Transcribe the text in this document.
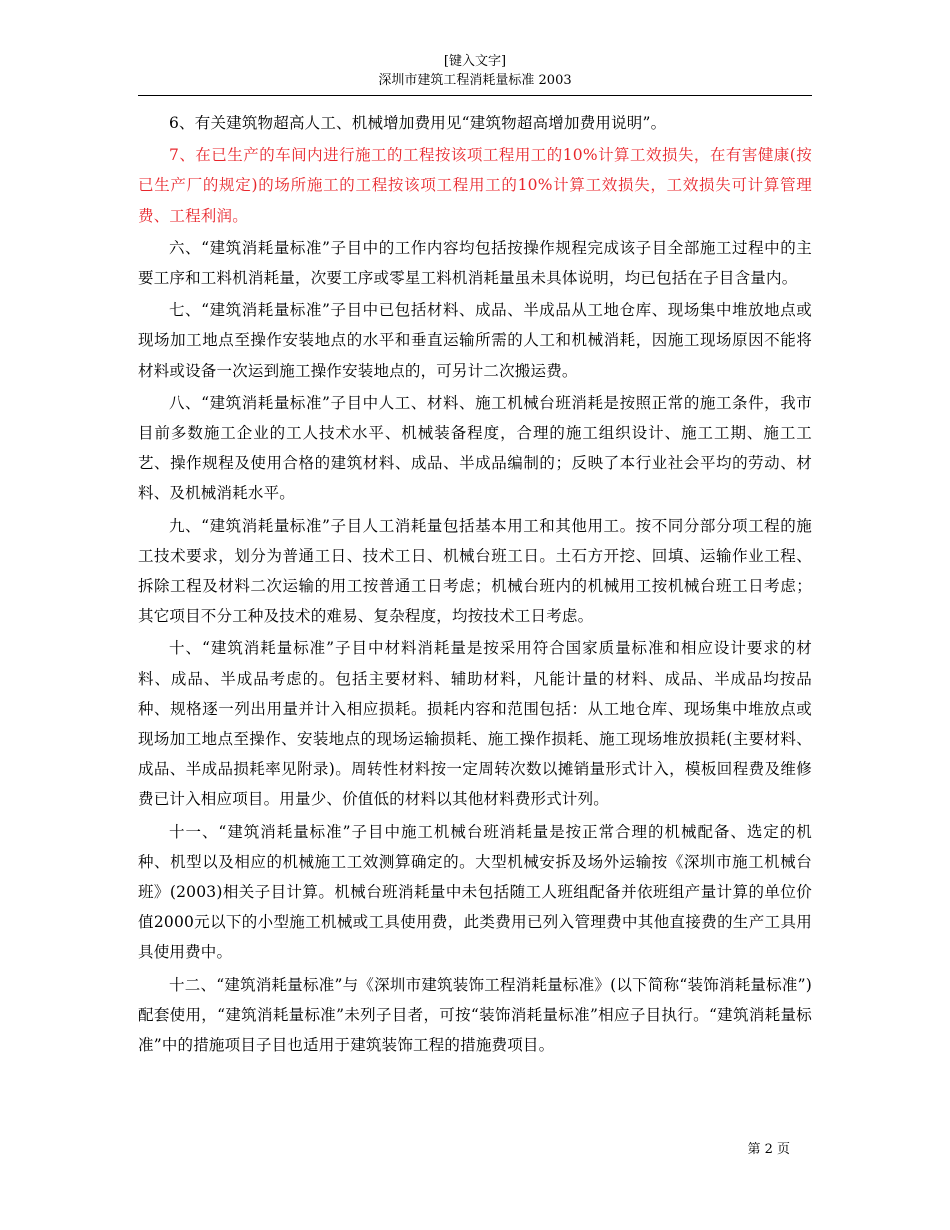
[键入文字]
深圳市建筑工程消耗量标准 2003

6、有关建筑物超高人工、机械增加费用见“建筑物超高增加费用说明”。

7、在已生产的车间内进行施工的工程按该项工程用工的10%计算工效损失，在有害健康(按已生产厂的规定)的场所施工的工程按该项工程用工的10%计算工效损失，工效损失可计算管理费、工程利润。

六、“建筑消耗量标准”子目中的工作内容均包括按操作规程完成该子目全部施工过程中的主要工序和工料机消耗量，次要工序或零星工料机消耗量虽未具体说明，均已包括在子目含量内。

七、“建筑消耗量标准”子目中已包括材料、成品、半成品从工地仓库、现场集中堆放地点或现场加工地点至操作安装地点的水平和垂直运输所需的人工和机械消耗，因施工现场原因不能将材料或设备一次运到施工操作安装地点的，可另计二次搬运费。

八、“建筑消耗量标准”子目中人工、材料、施工机械台班消耗是按照正常的施工条件，我市目前多数施工企业的工人技术水平、机械装备程度，合理的施工组织设计、施工工期、施工工艺、操作规程及使用合格的建筑材料、成品、半成品编制的；反映了本行业社会平均的劳动、材料、及机械消耗水平。

九、“建筑消耗量标准”子目人工消耗量包括基本用工和其他用工。按不同分部分项工程的施工技术要求，划分为普通工日、技术工日、机械台班工日。土石方开挖、回填、运输作业工程、拆除工程及材料二次运输的用工按普通工日考虑；机械台班内的机械用工按机械台班工日考虑；其它项目不分工种及技术的难易、复杂程度，均按技术工日考虑。

十、“建筑消耗量标准”子目中材料消耗量是按采用符合国家质量标准和相应设计要求的材料、成品、半成品考虑的。包括主要材料、辅助材料，凡能计量的材料、成品、半成品均按品种、规格逐一列出用量并计入相应损耗。损耗内容和范围包括：从工地仓库、现场集中堆放点或现场加工地点至操作、安装地点的现场运输损耗、施工操作损耗、施工现场堆放损耗(主要材料、成品、半成品损耗率见附录)。周转性材料按一定周转次数以摊销量形式计入，模板回程费及维修费已计入相应项目。用量少、价值低的材料以其他材料费形式计列。

十一、“建筑消耗量标准”子目中施工机械台班消耗量是按正常合理的机械配备、选定的机种、机型以及相应的机械施工工效测算确定的。大型机械安拆及场外运输按《深圳市施工机械台班》(2003)相关子目计算。机械台班消耗量中未包括随工人班组配备并依班组产量计算的单位价值2000元以下的小型施工机械或工具使用费，此类费用已列入管理费中其他直接费的生产工具用具使用费中。

十二、“建筑消耗量标准”与《深圳市建筑装饰工程消耗量标准》(以下简称“装饰消耗量标准”)配套使用，“建筑消耗量标准”未列子目者，可按“装饰消耗量标准”相应子目执行。“建筑消耗量标准”中的措施项目子目也适用于建筑装饰工程的措施费项目。

第 2 页
